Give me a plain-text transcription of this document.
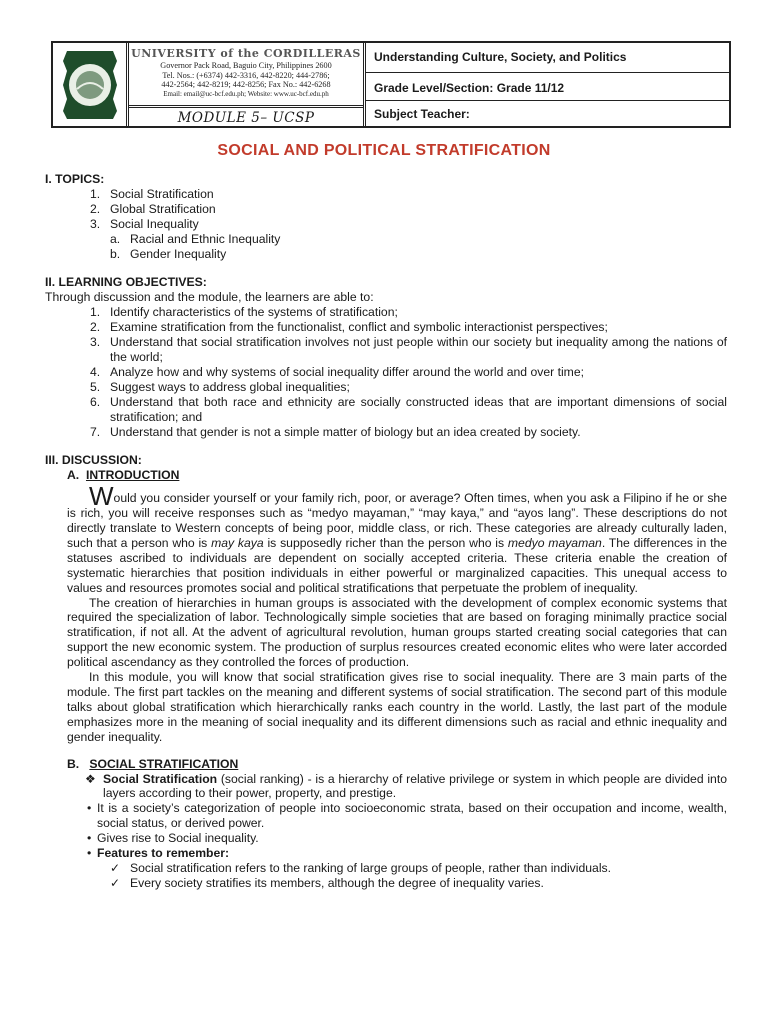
UNIVERSITY of the CORDILLERAS
Governor Pack Road, Baguio City, Philippines 2600
Tel. Nos.: (+6374) 442-3316, 442-8220; 444-2786;
442-2564; 442-8219; 442-8256; Fax No.: 442-6268
Email: email@uc-bcf.edu.ph; Website: www.uc-bcf.edu.ph
MODULE 5– UCSP
Understanding Culture, Society, and Politics
Grade Level/Section: Grade 11/12
Subject Teacher:
SOCIAL AND POLITICAL STRATIFICATION
I. TOPICS:
1. Social Stratification
2. Global Stratification
3. Social Inequality
a. Racial and Ethnic Inequality
b. Gender Inequality
II. LEARNING OBJECTIVES:
Through discussion and the module, the learners are able to:
1. Identify characteristics of the systems of stratification;
2. Examine stratification from the functionalist, conflict and symbolic interactionist perspectives;
3. Understand that social stratification involves not just people within our society but inequality among the nations of the world;
4. Analyze how and why systems of social inequality differ around the world and over time;
5. Suggest ways to address global inequalities;
6. Understand that both race and ethnicity are socially constructed ideas that are important dimensions of social stratification; and
7. Understand that gender is not a simple matter of biology but an idea created by society.
III. DISCUSSION:
A. INTRODUCTION
Would you consider yourself or your family rich, poor, or average? Often times, when you ask a Filipino if he or she is rich, you will receive responses such as “medyo mayaman,” “may kaya,” and “ayos lang”. These descriptions do not directly translate to Western concepts of being poor, middle class, or rich. These categories are already culturally laden, such that a person who is may kaya is supposedly richer than the person who is medyo mayaman. The differences in the statuses ascribed to individuals are dependent on socially accepted criteria. These criteria enable the creation of systematic hierarchies that position individuals in either powerful or marginalized capacities. This unequal access to values and resources promotes social and political stratifications that perpetuate the problem of inequality.
The creation of hierarchies in human groups is associated with the development of complex economic systems that required the specialization of labor. Technologically simple societies that are based on foraging minimally practice social stratification, if not all. At the advent of agricultural revolution, human groups started creating social categories that can support the new economic system. The production of surplus resources created economic elites who were later accorded political ascendancy as they controlled the forces of production.
In this module, you will know that social stratification gives rise to social inequality. There are 3 main parts of the module. The first part tackles on the meaning and different systems of social stratification. The second part of this module talks about global stratification which hierarchically ranks each country in the world. Lastly, the last part of the module emphasizes more in the meaning of social inequality and its different dimensions such as racial and ethnic inequality and gender inequality.
B. SOCIAL STRATIFICATION
❖ Social Stratification (social ranking) - is a hierarchy of relative privilege or system in which people are divided into layers according to their power, property, and prestige.
• It is a society’s categorization of people into socioeconomic strata, based on their occupation and income, wealth, social status, or derived power.
• Gives rise to Social inequality.
• Features to remember:
✓ Social stratification refers to the ranking of large groups of people, rather than individuals.
✓ Every society stratifies its members, although the degree of inequality varies.
